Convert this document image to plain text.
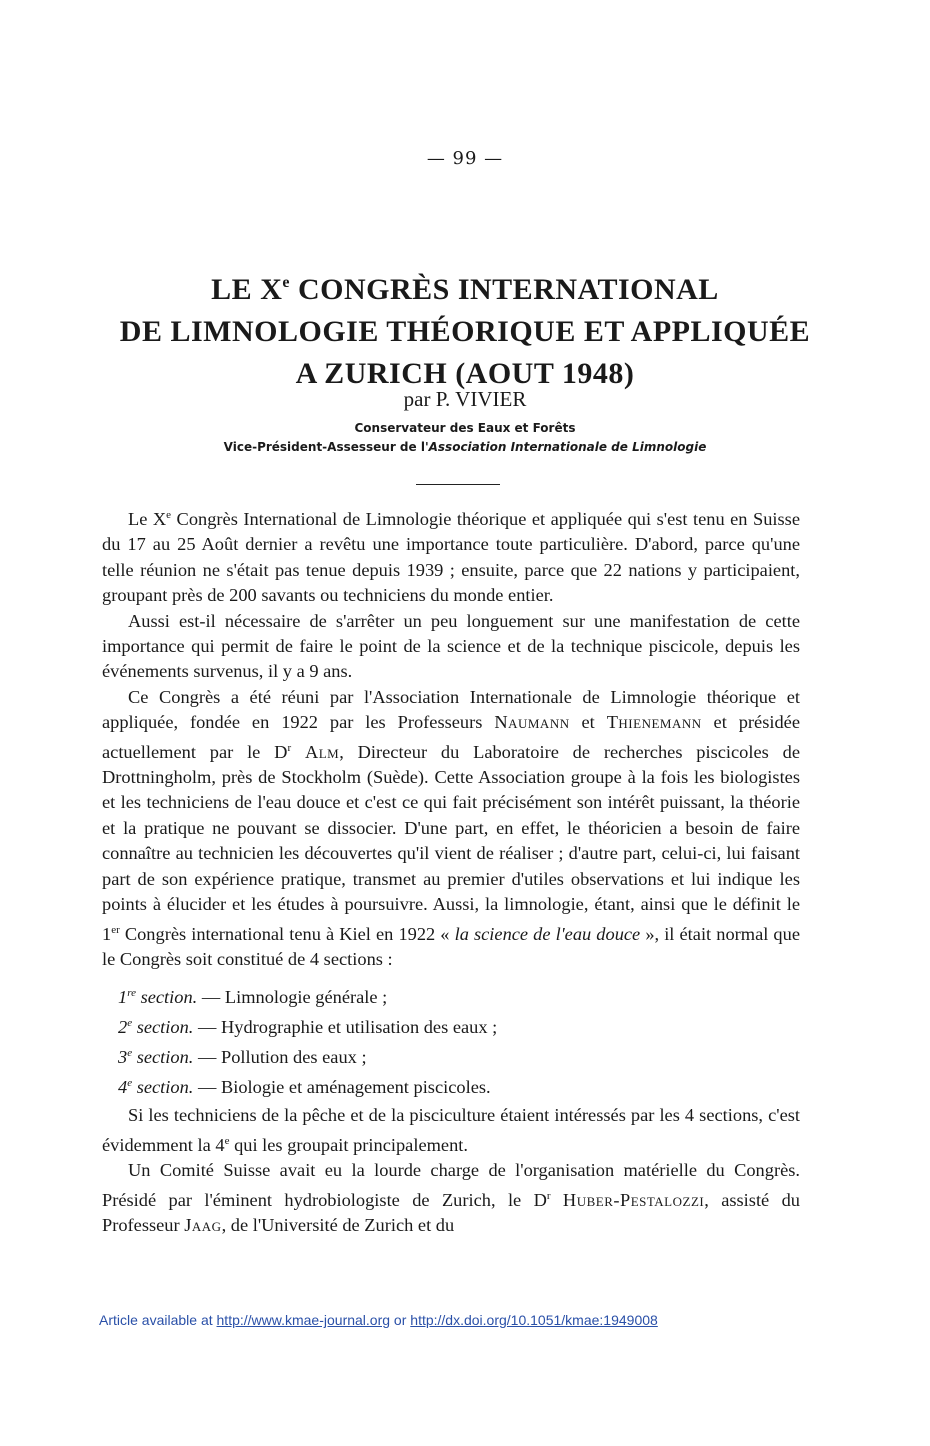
— 99 —
LE Xe CONGRÈS INTERNATIONAL
DE LIMNOLOGIE THÉORIQUE ET APPLIQUÉE
A ZURICH (AOUT 1948)
par P. VIVIER
Conservateur des Eaux et Forêts
Vice-Président-Assesseur de l'Association Internationale de Limnologie

Le Xe Congrès International de Limnologie théorique et appliquée qui s'est tenu en Suisse du 17 au 25 Août dernier a revêtu une importance toute particulière. D'abord, parce qu'une telle réunion ne s'était pas tenue depuis 1939 ; ensuite, parce que 22 nations y participaient, groupant près de 200 savants ou techniciens du monde entier.

Aussi est-il nécessaire de s'arrêter un peu longuement sur une manifestation de cette importance qui permit de faire le point de la science et de la technique piscicole, depuis les événements survenus, il y a 9 ans.

Ce Congrès a été réuni par l'Association Internationale de Limnologie théorique et appliquée, fondée en 1922 par les Professeurs Naumann et Thienemann et présidée actuellement par le $D^r$ Alm, Directeur du Laboratoire de recherches piscicoles de Drottningholm, près de Stockholm (Suède). Cette Association groupe à la fois les biologistes et les techniciens de l'eau douce et c'est ce qui fait précisément son intérêt puissant, la théorie et la pratique ne pouvant se dissocier. D'une part, en effet, le théoricien a besoin de faire connaître au technicien les découvertes qu'il vient de réaliser ; d'autre part, celui-ci, lui faisant part de son expérience pratique, transmet au premier d'utiles observations et lui indique les points à élucider et les études à poursuivre. Aussi, la limnologie, étant, ainsi que le définit le 1er Congrès international tenu à Kiel en 1922 « la science de l'eau douce », il était normal que le Congrès soit constitué de 4 sections :

1re section. — Limnologie générale ;
2e section. — Hydrographie et utilisation des eaux ;
3e section. — Pollution des eaux ;
4e section. — Biologie et aménagement piscicoles.

Si les techniciens de la pêche et de la pisciculture étaient intéressés par les 4 sections, c'est évidemment la 4e qui les groupait principalement.

Un Comité Suisse avait eu la lourde charge de l'organisation matérielle du Congrès. Présidé par l'éminent hydrobiologiste de Zurich, le $D^r$ Huber-Pestalozzi, assisté du Professeur Jaag, de l'Université de Zurich et du

Article available at http://www.kmae-journal.org or http://dx.doi.org/10.1051/kmae:1949008
